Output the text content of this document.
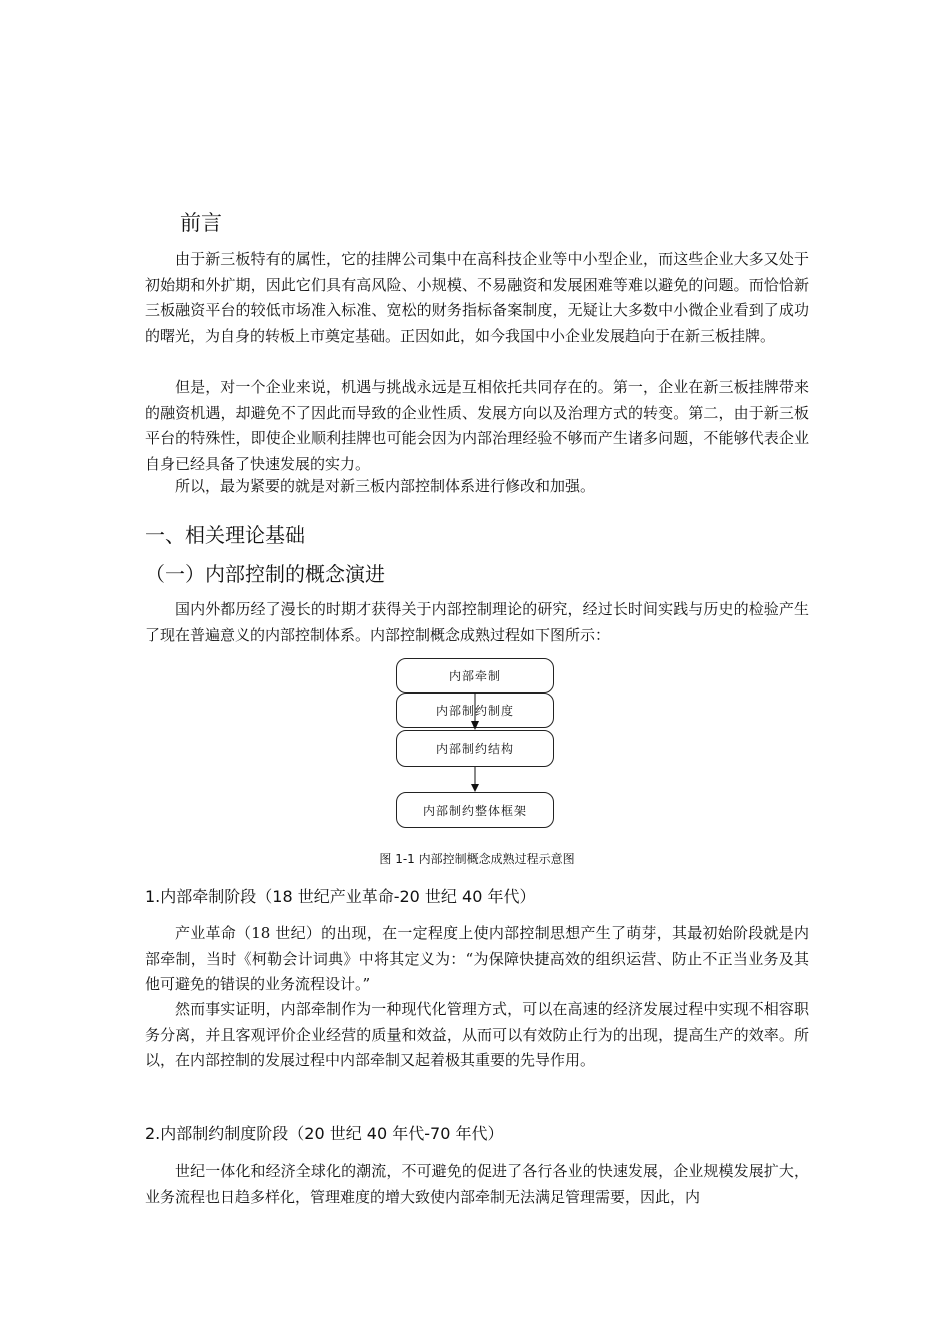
前言

由于新三板特有的属性，它的挂牌公司集中在高科技企业等中小型企业，而这些企业大多又处于初始期和外扩期，因此它们具有高风险、小规模、不易融资和发展困难等难以避免的问题。而恰恰新三板融资平台的较低市场准入标准、宽松的财务指标备案制度，无疑让大多数中小微企业看到了成功的曙光，为自身的转板上市奠定基础。正因如此，如今我国中小企业发展趋向于在新三板挂牌。

但是，对一个企业来说，机遇与挑战永远是互相依托共同存在的。第一，企业在新三板挂牌带来的融资机遇，却避免不了因此而导致的企业性质、发展方向以及治理方式的转变。第二，由于新三板平台的特殊性，即使企业顺利挂牌也可能会因为内部治理经验不够而产生诸多问题，不能够代表企业自身已经具备了快速发展的实力。

所以，最为紧要的就是对新三板内部控制体系进行修改和加强。

一、相关理论基础
（一）内部控制的概念演进

国内外都历经了漫长的时期才获得关于内部控制理论的研究，经过长时间实践与历史的检验产生了现在普遍意义的内部控制体系。内部控制概念成熟过程如下图所示：

内部牵制
内部制约制度
内部制约结构
内部制约整体框架
图 1-1 内部控制概念成熟过程示意图
1.内部牵制阶段（18 世纪产业革命-20 世纪 40 年代）

产业革命（18 世纪）的出现，在一定程度上使内部控制思想产生了萌芽，其最初始阶段就是内部牵制，当时《柯勒会计词典》中将其定义为：“为保障快捷高效的组织运营、防止不正当业务及其他可避免的错误的业务流程设计。”

然而事实证明，内部牵制作为一种现代化管理方式，可以在高速的经济发展过程中实现不相容职务分离，并且客观评价企业经营的质量和效益，从而可以有效防止行为的出现，提高生产的效率。所以，在内部控制的发展过程中内部牵制又起着极其重要的先导作用。

2.内部制约制度阶段（20 世纪 40 年代-70 年代）

世纪一体化和经济全球化的潮流，不可避免的促进了各行各业的快速发展，企业规模发展扩大，业务流程也日趋多样化，管理难度的增大致使内部牵制无法满足管理需要，因此，内
